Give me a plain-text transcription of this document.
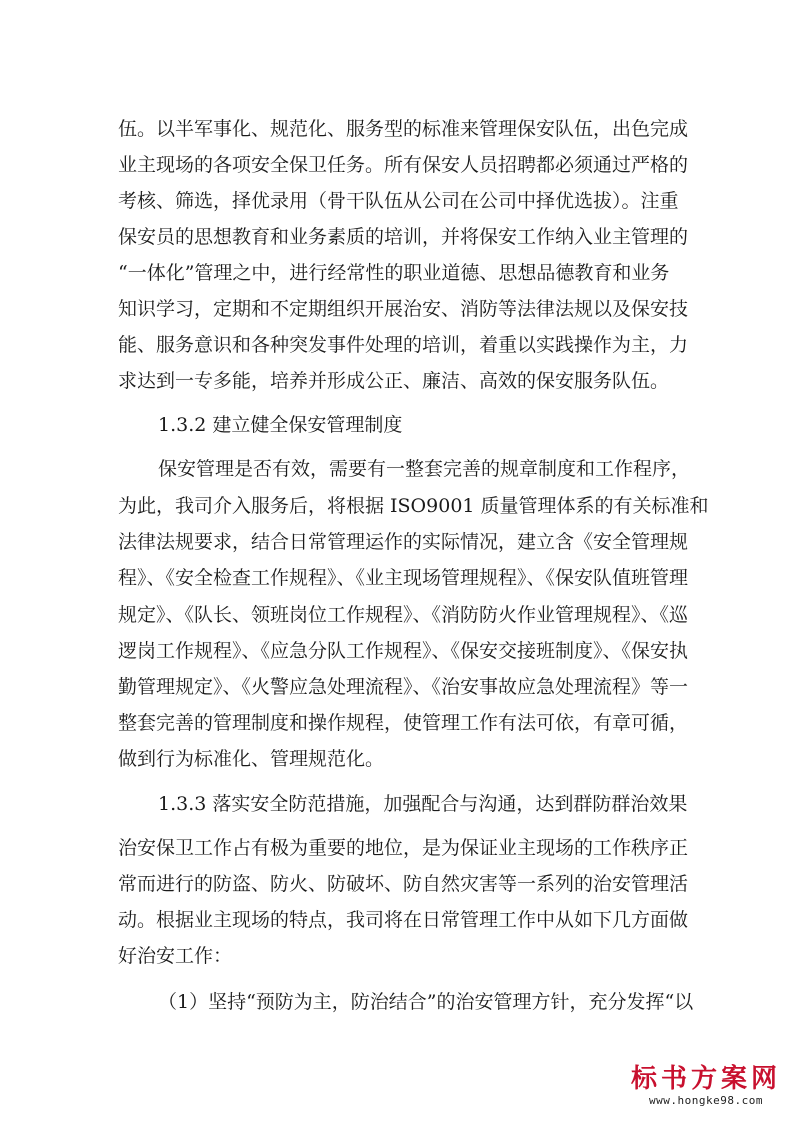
伍。以半军事化、规范化、服务型的标准来管理保安队伍，出色完成
业主现场的各项安全保卫任务。所有保安人员招聘都必须通过严格的
考核、筛选，择优录用（骨干队伍从公司在公司中择优选拔）。注重
保安员的思想教育和业务素质的培训，并将保安工作纳入业主管理的
“一体化”管理之中，进行经常性的职业道德、思想品德教育和业务
知识学习，定期和不定期组织开展治安、消防等法律法规以及保安技
能、服务意识和各种突发事件处理的培训，着重以实践操作为主，力
求达到一专多能，培养并形成公正、廉洁、高效的保安服务队伍。
1.3.2 建立健全保安管理制度
保安管理是否有效，需要有一整套完善的规章制度和工作程序，
为此，我司介入服务后，将根据 ISO9001 质量管理体系的有关标准和
法律法规要求，结合日常管理运作的实际情况，建立含《安全管理规
程》、《安全检查工作规程》、《业主现场管理规程》、《保安队值班管理
规定》、《队长、领班岗位工作规程》、《消防防火作业管理规程》、《巡
逻岗工作规程》、《应急分队工作规程》、《保安交接班制度》、《保安执
勤管理规定》、《火警应急处理流程》、《治安事故应急处理流程》等一
整套完善的管理制度和操作规程，使管理工作有法可依，有章可循，
做到行为标准化、管理规范化。
1.3.3 落实安全防范措施，加强配合与沟通，达到群防群治效果
治安保卫工作占有极为重要的地位，是为保证业主现场的工作秩序正
常而进行的防盗、防火、防破坏、防自然灾害等一系列的治安管理活
动。根据业主现场的特点，我司将在日常管理工作中从如下几方面做
好治安工作：
（1）坚持“预防为主，防治结合”的治安管理方针，充分发挥“以
标书方案网
www.hongke98.com
